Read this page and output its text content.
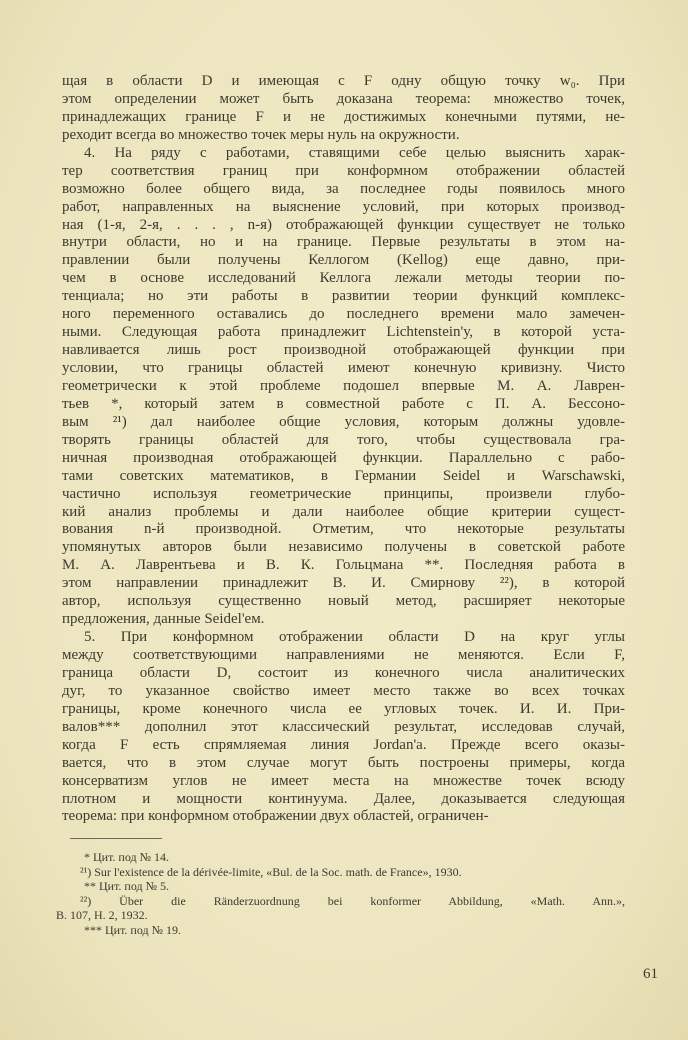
щая в области D и имеющая с F одну общую точку w₀. При
этом определении может быть доказана теорема: множество точек,
принадлежащих границе F и не достижимых конечными путями, не-
реходит всегда во множество точек меры нуль на окружности.
4. На ряду с работами, ставящими себе целью выяснить харак-
тер соответствия границ при конформном отображении областей
возможно более общего вида, за последнее годы появилось много
работ, направленных на выяснение условий, при которых производ-
ная (1-я, 2-я, . . . , n-я) отображающей функции существует не только
внутри области, но и на границе. Первые результаты в этом на-
правлении были получены Келлогом (Kellog) еще давно, при-
чем в основе исследований Келлога лежали методы теории по-
тенциала; но эти работы в развитии теории функций комплекс-
ного переменного оставались до последнего времени мало замечен-
ными. Следующая работа принадлежит Lichtenstein'у, в которой уста-
навливается лишь рост производной отображающей функции при
условии, что границы областей имеют конечную кривизну. Чисто
геометрически к этой проблеме подошел впервые М. А. Лаврен-
тьев *, который затем в совместной работе с П. А. Бессоно-
вым ²¹) дал наиболее общие условия, которым должны удовле-
творять границы областей для того, чтобы существовала гра-
ничная производная отображающей функции. Параллельно с рабо-
тами советских математиков, в Германии Seidel и Warschawski,
частично используя геометрические принципы, произвели глубо-
кий анализ проблемы и дали наиболее общие критерии сущест-
вования n-й производной. Отметим, что некоторые результаты
упомянутых авторов были независимо получены в советской работе
М. А. Лаврентьева и В. К. Гольцмана **. Последняя работа в
этом направлении принадлежит В. И. Смирнову ²²), в которой
автор, используя существенно новый метод, расширяет некоторые
предложения, данные Seidel'ем.
5. При конформном отображении области D на круг углы
между соответствующими направлениями не меняются. Если F,
граница области D, состоит из конечного числа аналитических
дуг, то указанное свойство имеет место также во всех точках
границы, кроме конечного числа ее угловых точек. И. И. При-
валов*** дополнил этот классический результат, исследовав случай,
когда F есть спрямляемая линия Jordan'a. Прежде всего оказы-
вается, что в этом случае могут быть построены примеры, когда
консерватизм углов не имеет места на множестве точек всюду
плотном и мощности континуума. Далее, доказывается следующая
теорема: при конформном отображении двух областей, ограничен-
* Цит. под № 14.
²¹) Sur l'existence de la dérivée-limite, «Bul. de la Soc. math. de France», 1930.
** Цит. под № 5.
²²) Über die Ränderzuordnung bei konformer Abbildung, «Math. Ann.»,
B. 107, H. 2, 1932.
*** Цит. под № 19.
61
